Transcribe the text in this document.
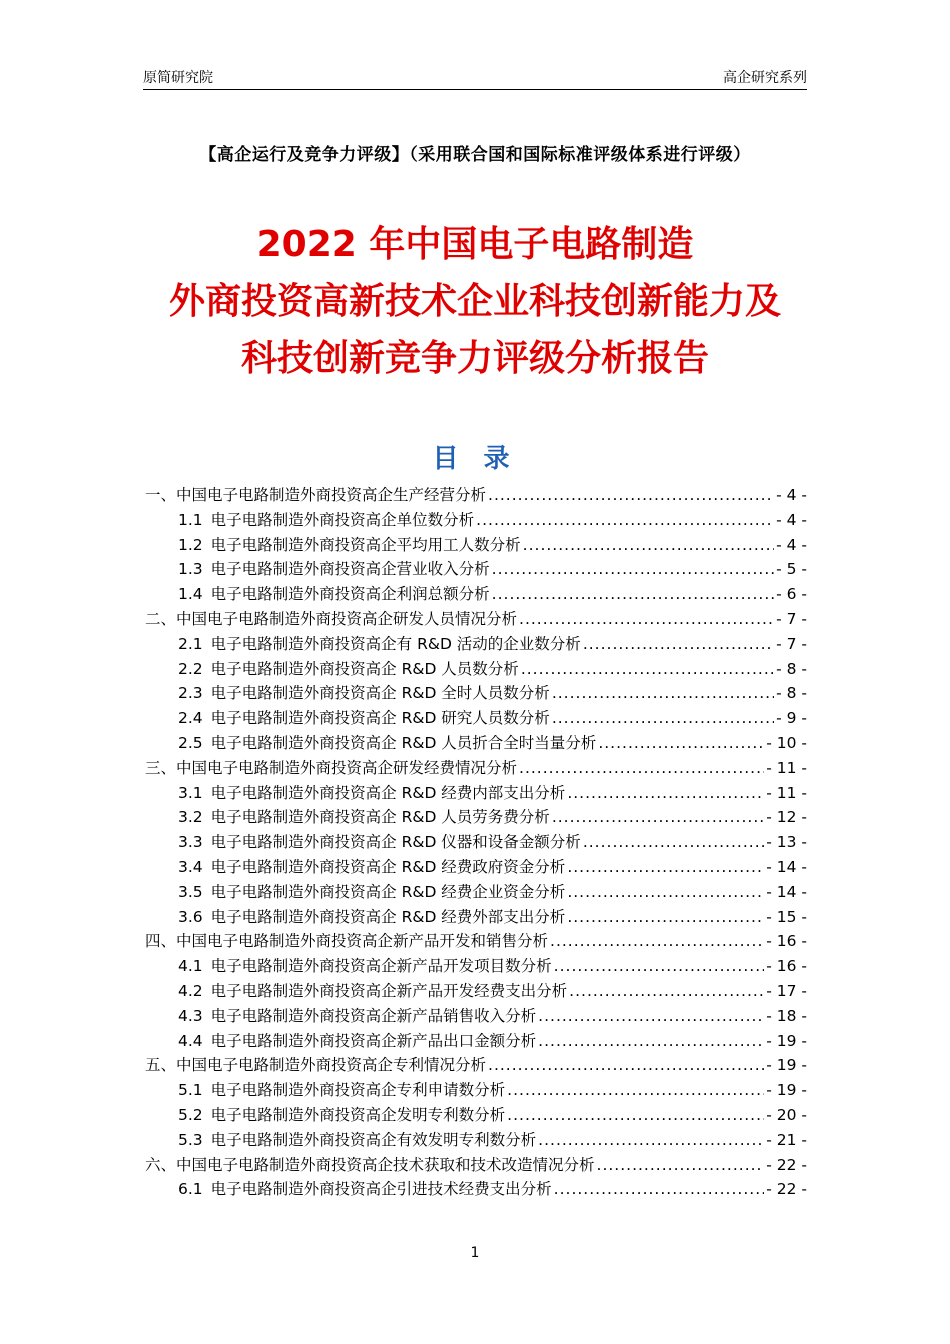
原简研究院	高企研究系列
【高企运行及竞争力评级】（采用联合国和国际标准评级体系进行评级）
2022 年中国电子电路制造
外商投资高新技术企业科技创新能力及
科技创新竞争力评级分析报告
目 录
一、中国电子电路制造外商投资高企生产经营分析 .....	- 4 -
1.1 电子电路制造外商投资高企单位数分析 .....	- 4 -
1.2 电子电路制造外商投资高企平均用工人数分析 .....	- 4 -
1.3 电子电路制造外商投资高企营业收入分析 .....	- 5 -
1.4 电子电路制造外商投资高企利润总额分析 .....	- 6 -
二、中国电子电路制造外商投资高企研发人员情况分析 .....	- 7 -
2.1 电子电路制造外商投资高企有 R&D 活动的企业数分析 .....	- 7 -
2.2 电子电路制造外商投资高企 R&D 人员数分析 .....	- 8 -
2.3 电子电路制造外商投资高企 R&D 全时人员数分析 .....	- 8 -
2.4 电子电路制造外商投资高企 R&D 研究人员数分析 .....	- 9 -
2.5 电子电路制造外商投资高企 R&D 人员折合全时当量分析 .....	- 10 -
三、中国电子电路制造外商投资高企研发经费情况分析 .....	- 11 -
3.1 电子电路制造外商投资高企 R&D 经费内部支出分析 .....	- 11 -
3.2 电子电路制造外商投资高企 R&D 人员劳务费分析 .....	- 12 -
3.3 电子电路制造外商投资高企 R&D 仪器和设备金额分析 .....	- 13 -
3.4 电子电路制造外商投资高企 R&D 经费政府资金分析 .....	- 14 -
3.5 电子电路制造外商投资高企 R&D 经费企业资金分析 .....	- 14 -
3.6 电子电路制造外商投资高企 R&D 经费外部支出分析 .....	- 15 -
四、中国电子电路制造外商投资高企新产品开发和销售分析 .....	- 16 -
4.1 电子电路制造外商投资高企新产品开发项目数分析 .....	- 16 -
4.2 电子电路制造外商投资高企新产品开发经费支出分析 .....	- 17 -
4.3 电子电路制造外商投资高企新产品销售收入分析 .....	- 18 -
4.4 电子电路制造外商投资高企新产品出口金额分析 .....	- 19 -
五、中国电子电路制造外商投资高企专利情况分析 .....	- 19 -
5.1 电子电路制造外商投资高企专利申请数分析 .....	- 19 -
5.2 电子电路制造外商投资高企发明专利数分析 .....	- 20 -
5.3 电子电路制造外商投资高企有效发明专利数分析 .....	- 21 -
六、中国电子电路制造外商投资高企技术获取和技术改造情况分析 .....	- 22 -
6.1 电子电路制造外商投资高企引进技术经费支出分析 .....	- 22 -
1
